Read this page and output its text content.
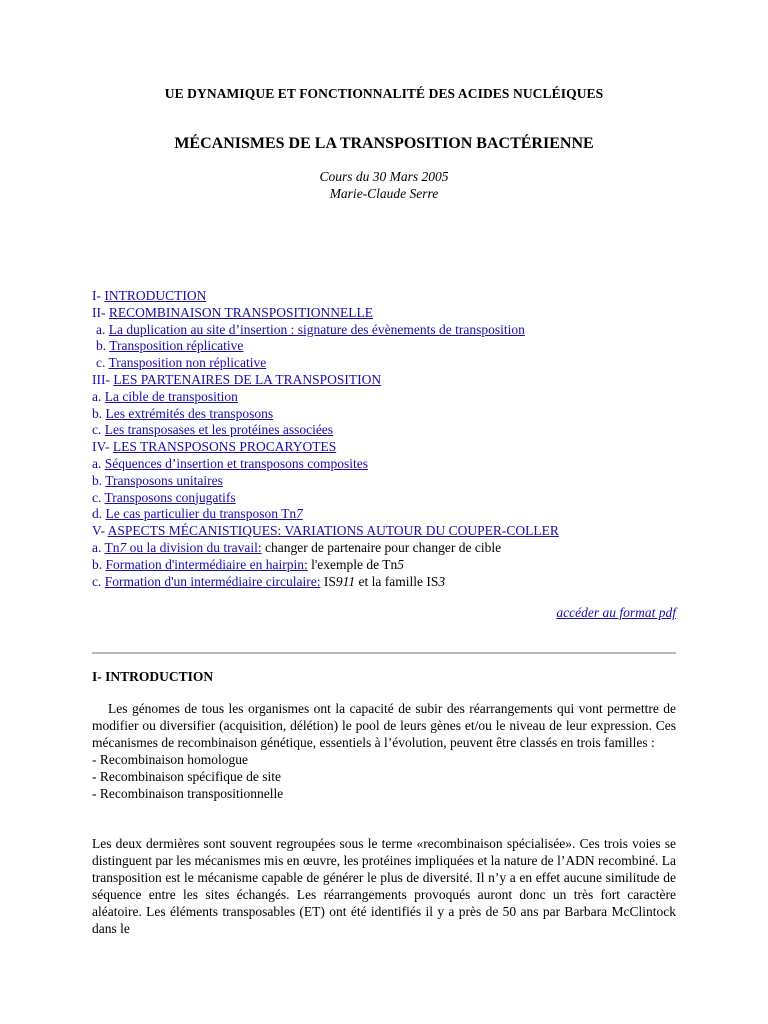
UE DYNAMIQUE ET FONCTIONNALITÉ DES ACIDES NUCLÉIQUES
MÉCANISMES DE LA TRANSPOSITION BACTÉRIENNE
Cours du 30 Mars 2005
Marie-Claude Serre
I- INTRODUCTION
II- RECOMBINAISON TRANSPOSITIONNELLE
a. La duplication au site d’insertion : signature des évènements de transposition
b. Transposition réplicative
c. Transposition non réplicative
III- LES PARTENAIRES DE LA TRANSPOSITION
a. La cible de transposition
b. Les extrémités des transposons
c. Les transposases et les protéines associées
IV- LES TRANSPOSONS PROCARYOTES
a. Séquences d’insertion et transposons composites
b. Transposons unitaires
c. Transposons conjugatifs
d. Le cas particulier du transposon Tn7
V- ASPECTS MÉCANISTIQUES: VARIATIONS AUTOUR DU COUPER-COLLER
a. Tn7 ou la division du travail: changer de partenaire pour changer de cible
b. Formation d'intermédiaire en hairpin: l'exemple de Tn5
c. Formation d'un intermédiaire circulaire: IS911 et la famille IS3
accéder au format pdf
I- INTRODUCTION
Les génomes de tous les organismes ont la capacité de subir des réarrangements qui vont permettre de modifier ou diversifier (acquisition, délétion) le pool de leurs gènes et/ou le niveau de leur expression. Ces mécanismes de recombinaison génétique, essentiels à l’évolution, peuvent être classés en trois familles :
- Recombinaison homologue
- Recombinaison spécifique de site
- Recombinaison transpositionnelle
Les deux dermières sont souvent regroupées sous le terme «recombinaison spécialisée». Ces trois voies se distinguent par les mécanismes mis en œuvre, les protéines impliquées et la nature de l’ADN recombiné. La transposition est le mécanisme capable de générer le plus de diversité. Il n’y a en effet aucune similitude de séquence entre les sites échangés. Les réarrangements provoqués auront donc un très fort caractère aléatoire. Les éléments transposables (ET) ont été identifiés il y a près de 50 ans par Barbara McClintock dans le
